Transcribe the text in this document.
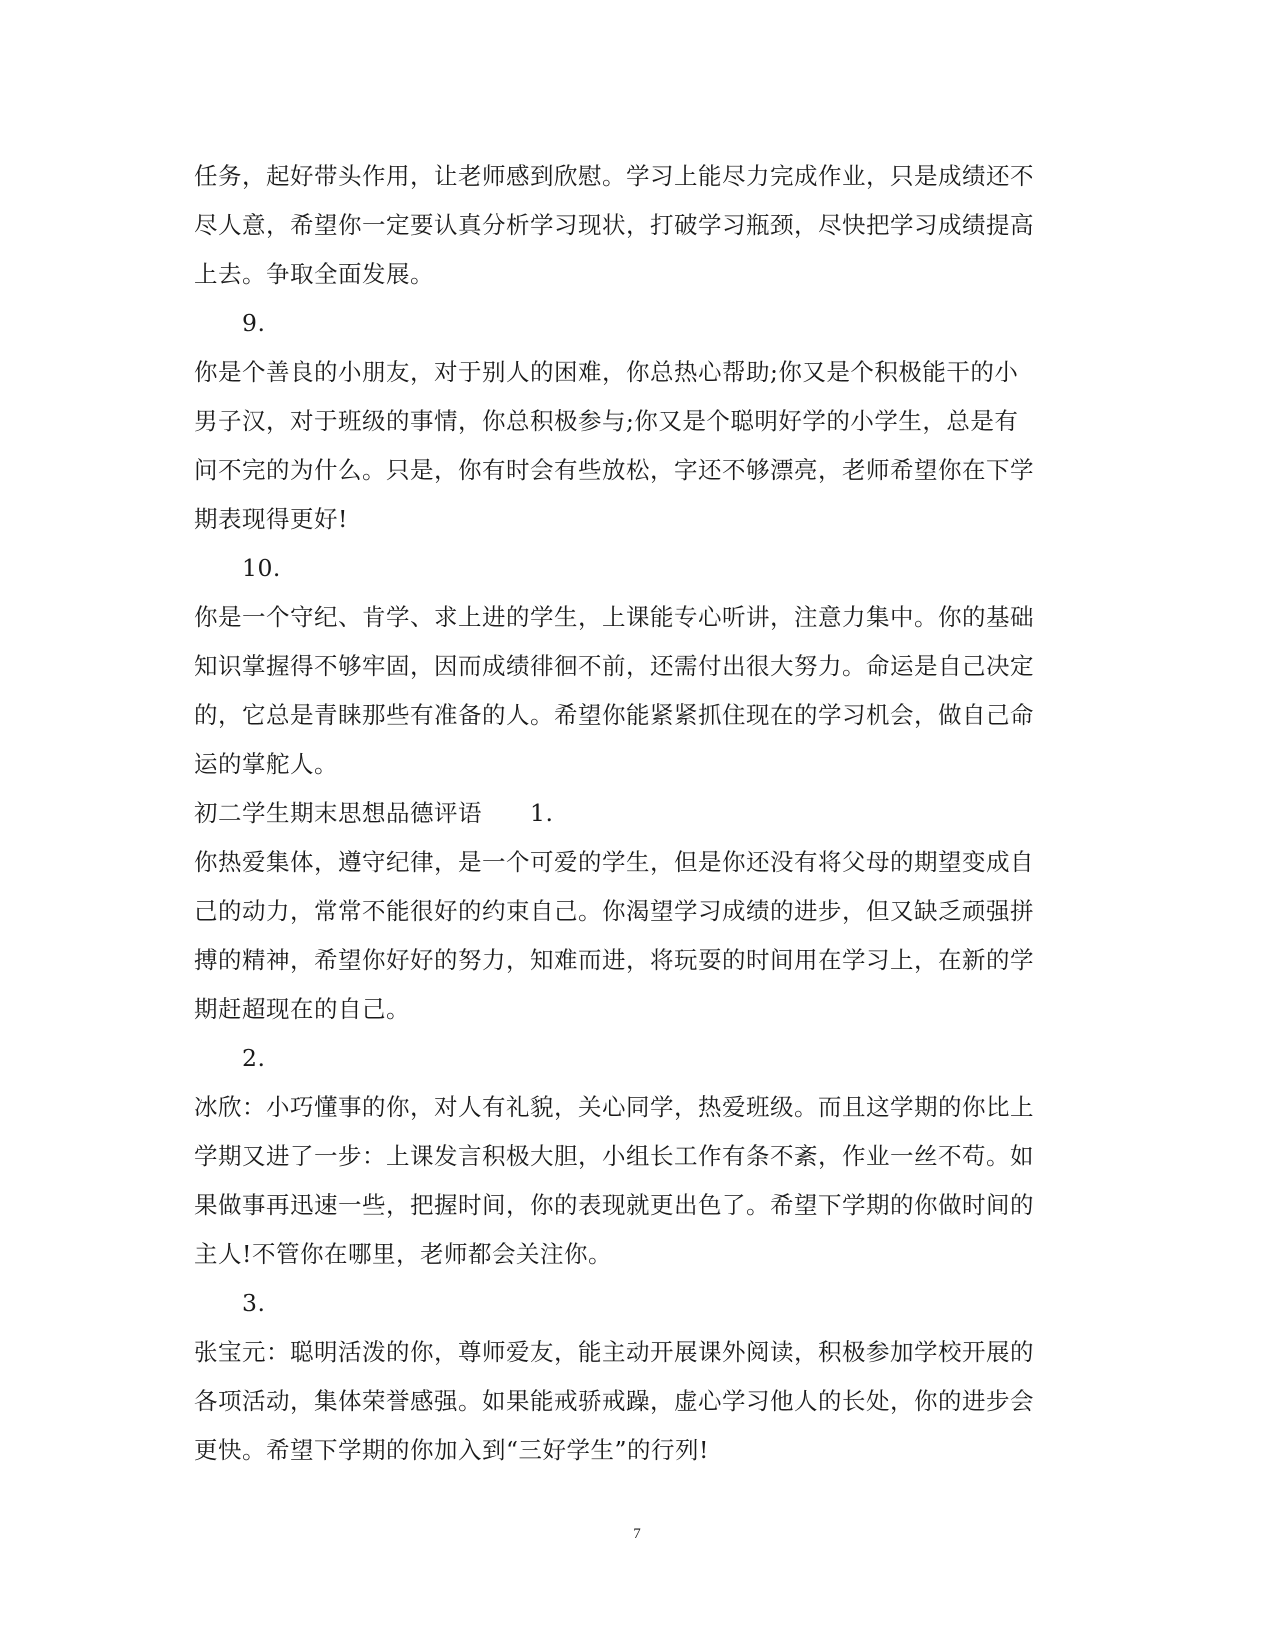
任务，起好带头作用，让老师感到欣慰。学习上能尽力完成作业，只是成绩还不
尽人意，希望你一定要认真分析学习现状，打破学习瓶颈，尽快把学习成绩提高
上去。争取全面发展。
9.
你是个善良的小朋友，对于别人的困难，你总热心帮助;你又是个积极能干的小
男子汉，对于班级的事情，你总积极参与;你又是个聪明好学的小学生，总是有
问不完的为什么。只是，你有时会有些放松，字还不够漂亮，老师希望你在下学
期表现得更好!
10.
你是一个守纪、肯学、求上进的学生，上课能专心听讲，注意力集中。你的基础
知识掌握得不够牢固，因而成绩徘徊不前，还需付出很大努力。命运是自己决定
的，它总是青睐那些有准备的人。希望你能紧紧抓住现在的学习机会，做自己命
运的掌舵人。
初二学生期末思想品德评语 1.
你热爱集体，遵守纪律，是一个可爱的学生，但是你还没有将父母的期望变成自
己的动力，常常不能很好的约束自己。你渴望学习成绩的进步，但又缺乏顽强拼
搏的精神，希望你好好的努力，知难而进，将玩耍的时间用在学习上，在新的学
期赶超现在的自己。
2.
冰欣：小巧懂事的你，对人有礼貌，关心同学，热爱班级。而且这学期的你比上
学期又进了一步：上课发言积极大胆，小组长工作有条不紊，作业一丝不苟。如
果做事再迅速一些，把握时间，你的表现就更出色了。希望下学期的你做时间的
主人!不管你在哪里，老师都会关注你。
3.
张宝元：聪明活泼的你，尊师爱友，能主动开展课外阅读，积极参加学校开展的
各项活动，集体荣誉感强。如果能戒骄戒躁，虚心学习他人的长处，你的进步会
更快。希望下学期的你加入到“三好学生”的行列!
7
